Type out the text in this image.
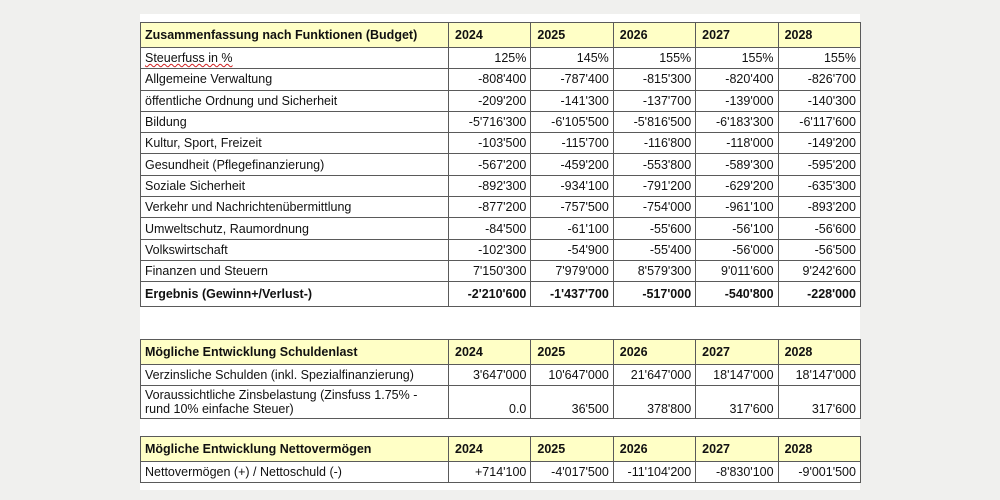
Zusammenfassung nach Funktionen (Budget)	2024	2025	2026	2027	2028
Steuerfuss in %	125%	145%	155%	155%	155%
Allgemeine Verwaltung	-808'400	-787'400	-815'300	-820'400	-826'700
öffentliche Ordnung und Sicherheit	-209'200	-141'300	-137'700	-139'000	-140'300
Bildung	-5'716'300	-6'105'500	-5'816'500	-6'183'300	-6'117'600
Kultur, Sport, Freizeit	-103'500	-115'700	-116'800	-118'000	-149'200
Gesundheit (Pflegefinanzierung)	-567'200	-459'200	-553'800	-589'300	-595'200
Soziale Sicherheit	-892'300	-934'100	-791'200	-629'200	-635'300
Verkehr und Nachrichtenübermittlung	-877'200	-757'500	-754'000	-961'100	-893'200
Umweltschutz, Raumordnung	-84'500	-61'100	-55'600	-56'100	-56'600
Volkswirtschaft	-102'300	-54'900	-55'400	-56'000	-56'500
Finanzen und Steuern	7'150'300	7'979'000	8'579'300	9'011'600	9'242'600
Ergebnis (Gewinn+/Verlust-)	-2'210'600	-1'437'700	-517'000	-540'800	-228'000
Mögliche Entwicklung Schuldenlast	2024	2025	2026	2027	2028
Verzinsliche Schulden (inkl. Spezialfinanzierung)	3'647'000	10'647'000	21'647'000	18'147'000	18'147'000
Voraussichtliche Zinsbelastung (Zinsfuss 1.75% - rund 10% einfache Steuer)	0.0	36'500	378'800	317'600	317'600
Mögliche Entwicklung Nettovermögen	2024	2025	2026	2027	2028
Nettovermögen (+) / Nettoschuld (-)	+714'100	-4'017'500	-11'104'200	-8'830'100	-9'001'500
